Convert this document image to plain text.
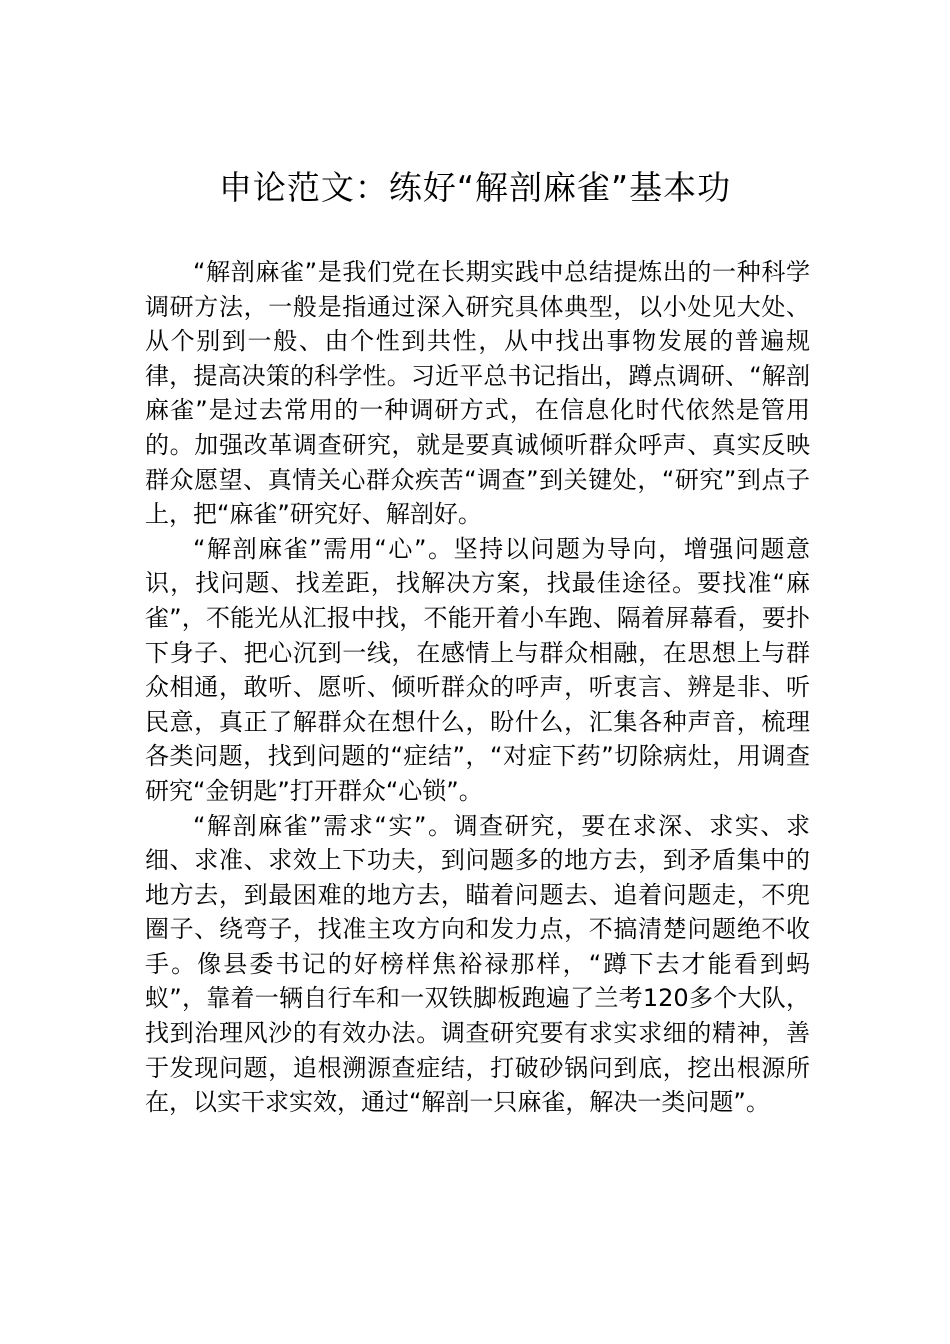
申论范文：练好“解剖麻雀”基本功

“解剖麻雀”是我们党在长期实践中总结提炼出的一种科学调研方法，一般是指通过深入研究具体典型，以小处见大处、从个别到一般、由个性到共性，从中找出事物发展的普遍规律，提高决策的科学性。习近平总书记指出，蹲点调研、“解剖麻雀”是过去常用的一种调研方式，在信息化时代依然是管用的。加强改革调查研究，就是要真诚倾听群众呼声、真实反映群众愿望、真情关心群众疾苦“调查”到关键处，“研究”到点子上，把“麻雀”研究好、解剖好。

“解剖麻雀”需用“心”。坚持以问题为导向，增强问题意识，找问题、找差距，找解决方案，找最佳途径。要找准“麻雀”，不能光从汇报中找，不能开着小车跑、隔着屏幕看，要扑下身子、把心沉到一线，在感情上与群众相融，在思想上与群众相通，敢听、愿听、倾听群众的呼声，听衷言、辨是非、听民意，真正了解群众在想什么，盼什么，汇集各种声音，梳理各类问题，找到问题的“症结”，“对症下药”切除病灶，用调查研究“金钥匙”打开群众“心锁”。

“解剖麻雀”需求“实”。调查研究，要在求深、求实、求细、求准、求效上下功夫，到问题多的地方去，到矛盾集中的地方去，到最困难的地方去，瞄着问题去、追着问题走，不兜圈子、绕弯子，找准主攻方向和发力点，不搞清楚问题绝不收手。像县委书记的好榜样焦裕禄那样，“蹲下去才能看到蚂蚁”，靠着一辆自行车和一双铁脚板跑遍了兰考120多个大队，找到治理风沙的有效办法。调查研究要有求实求细的精神，善于发现问题，追根溯源查症结，打破砂锅问到底，挖出根源所在，以实干求实效，通过“解剖一只麻雀，解决一类问题”。
